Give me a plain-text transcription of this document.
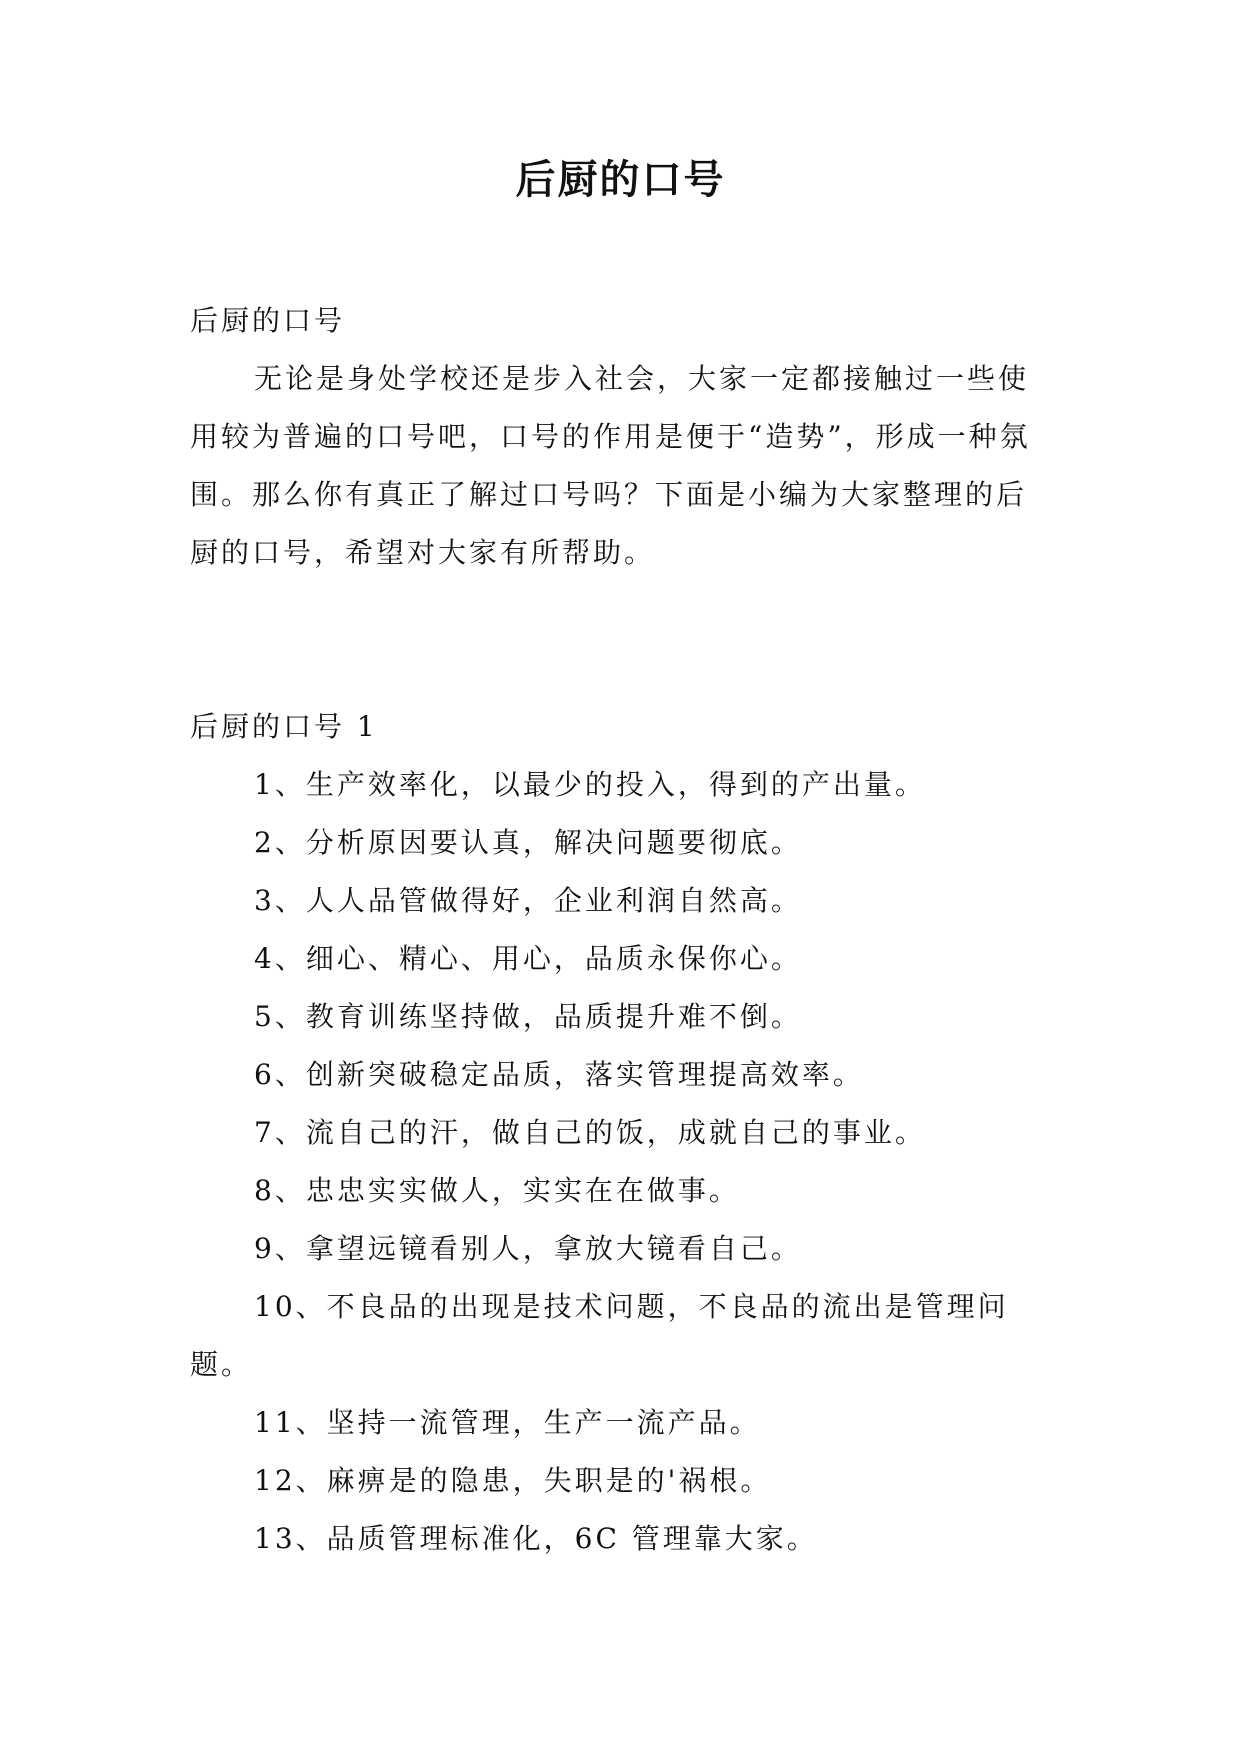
后厨的口号

后厨的口号

无论是身处学校还是步入社会，大家一定都接触过一些使用较为普遍的口号吧，口号的作用是便于“造势”，形成一种氛围。那么你有真正了解过口号吗？下面是小编为大家整理的后厨的口号，希望对大家有所帮助。

后厨的口号 1

1、生产效率化，以最少的投入，得到的产出量。

2、分析原因要认真，解决问题要彻底。

3、人人品管做得好，企业利润自然高。

4、细心、精心、用心，品质永保你心。

5、教育训练坚持做，品质提升难不倒。

6、创新突破稳定品质，落实管理提高效率。

7、流自己的汗，做自己的饭，成就自己的事业。

8、忠忠实实做人，实实在在做事。

9、拿望远镜看别人，拿放大镜看自己。

10、不良品的出现是技术问题，不良品的流出是管理问题。

11、坚持一流管理，生产一流产品。

12、麻痹是的隐患，失职是的'祸根。

13、品质管理标准化，6C 管理靠大家。
